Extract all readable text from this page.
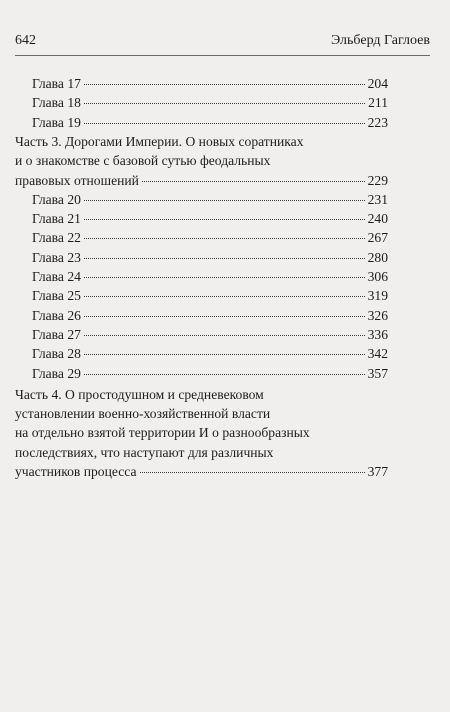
642	Эльберд Гаглоев
Глава 17	204
Глава 18	211
Глава 19	223
Часть 3. Дорогами Империи. О новых соратниках
и о знакомстве с базовой сутью феодальных
правовых отношений	229
Глава 20	231
Глава 21	240
Глава 22	267
Глава 23	280
Глава 24	306
Глава 25	319
Глава 26	326
Глава 27	336
Глава 28	342
Глава 29	357
Часть 4. О простодушном и средневековом
установлении военно-хозяйственной власти
на отдельно взятой территории И о разнообразных
последствиях, что наступают для различных
участников процесса	377
